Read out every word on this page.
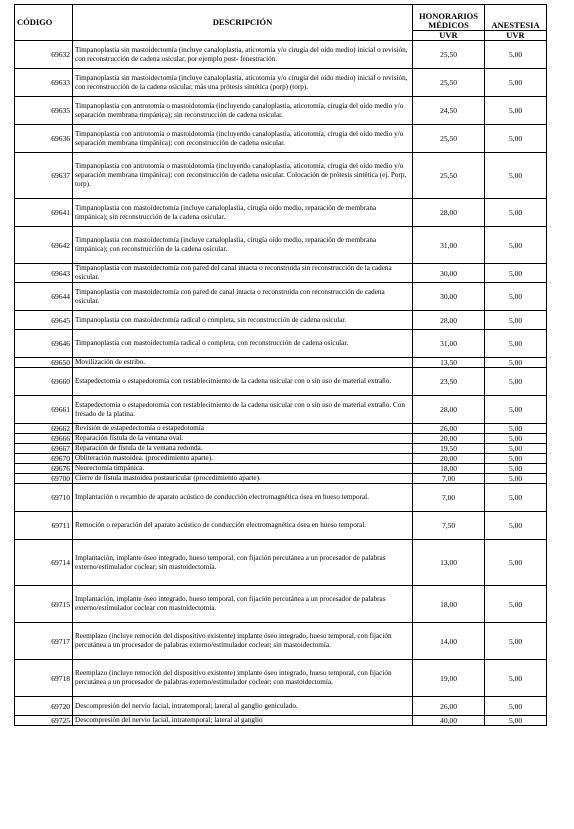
CÓDIGO	DESCRIPCIÓN	HONORARIOS MÉDICOS	ANESTESIA
		UVR	UVR
69632	Timpanoplastia sin mastoidectomía (incluye canaloplastia, aticotomía y/o cirugía del oído medio) inicial o revisión, con reconstrucción de cadena osicular, por ejemplo post- fenestración.	25,50	5,00
69633	Timpanoplastia sin mastoidectomía (incluye canaloplastia, aticotomía y/o cirugía del oído medio) inicial o revisión, con reconstrucción de la cadena osicular, más una prótesis sintética (porp) (torp).	25,50	5,00
69635	Timpanoplastia con antrotomía o mastoidotomía (incluyendo canaloplastia, aticotomía, cirugía del oído medio y/o separación membrana timpánica); sin reconstrucción de cadena osicular.	24,50	5,00
69636	Timpanoplastia con antrotomía o mastoidotomía (incluyendo canaloplastia, aticotomía, cirugía del oído medio y/o separación membrana timpánica); con reconstrucción de cadena osicular.	25,50	5,00
69637	Timpanoplastia con antrotomía o mastoidotomía (incluyendo canaloplastia, aticotomía, cirugía del oído medio y/o separación membrana timpánica); con reconstrucción de cadena osicular. Colocación de prótesis sintética (ej. Porp, torp).	25,50	5,00
69641	Timpanoplastia con mastoidectomía (incluye canaloplastia, cirugía oído medio, reparación de membrana timpánica); sin reconstrucción de la cadena osicular.	28,00	5,00
69642	Timpanoplastia con mastoidectomía (incluye canaloplastia, cirugía oído medio, reparación de membrana timpánica); con reconstrucción de la cadena osicular.	31,00	5,00
69643	Timpanoplastia con mastoidectomía con pared del canal intacta o reconstruida sin reconstrucción de la cadena osicular.	30,00	5,00
69644	Timpanoplastia con mastoidectomía con pared de canal intacta o reconstruida con reconstrucción de cadena osicular.	30,00	5,00
69645	Timpanoplastia con mastoidectomía radical o completa, sin reconstrucción de cadena osicular.	28,00	5,00
69646	Timpanoplastia con mastoidectomía radical o completa, con reconstrucción de cadena osicular.	31,00	5,00
69650	Movilización de estribo.	13,50	5,00
69660	Estapedectomía o estapedotomía con restablecimiento de la cadena osicular con o sin uso de material extraño.	23,50	5,00
69661	Estapedectomía o estapedotomía con restablecimiento de la cadena osicular con o sin uso de material extraño. Con fresado de la platina.	28,00	5,00
69662	Revisión de estapedectomía o estapedotomía	26,00	5,00
69666	Reparación fístula de la ventana oval.	20,00	5,00
69667	Reparación de fístula de la ventana redonda.	19,50	5,00
69670	Obliteración mastoidea. (procedimiento aparte).	20,00	5,00
69676	Neurectomía timpánica.	18,00	5,00
69700	Cierre de fístula mastoidea postauricular (procedimiento aparte).	7,00	5,00
69710	Implantación o recambio de aparato acústico de conducción electromagnética ósea en hueso temporal.	7,00	5,00
69711	Remoción o reparación del aparato acústico de conducción electromagnética ósea en hueso temporal.	7,50	5,00
69714	Implantación, implante óseo integrado, hueso temporal, con fijación percutánea a un procesador de palabras externo/estimulador coclear; sin mastoidectomía.	13,00	5,00
69715	Implantación, implante óseo integrado, hueso temporal, con fijación percutánea a un procesador de palabras externo/estimulador coclear con mastoidectomía.	18,00	5,00
69717	Reemplazo (incluye remoción del dispositivo existente) implante óseo integrado, hueso temporal, con fijación percutánea a un procesador de palabras externo/estimulador coclear; sin mastoidectomía.	14,00	5,00
69718	Reemplazo (incluye remoción del dispositivo existente) implante óseo integrado, hueso temporal, con fijación percutánea a un procesador de palabras externo/estimulador coclear; con mastoidectomía.	19,00	5,00
69720	Descompresión del nervio facial, intratemporal; lateral al ganglio geniculado.	26,00	5,00
69725	Descompresión del nervio facial, intratemporal; lateral al ganglio	40,00	5,00
